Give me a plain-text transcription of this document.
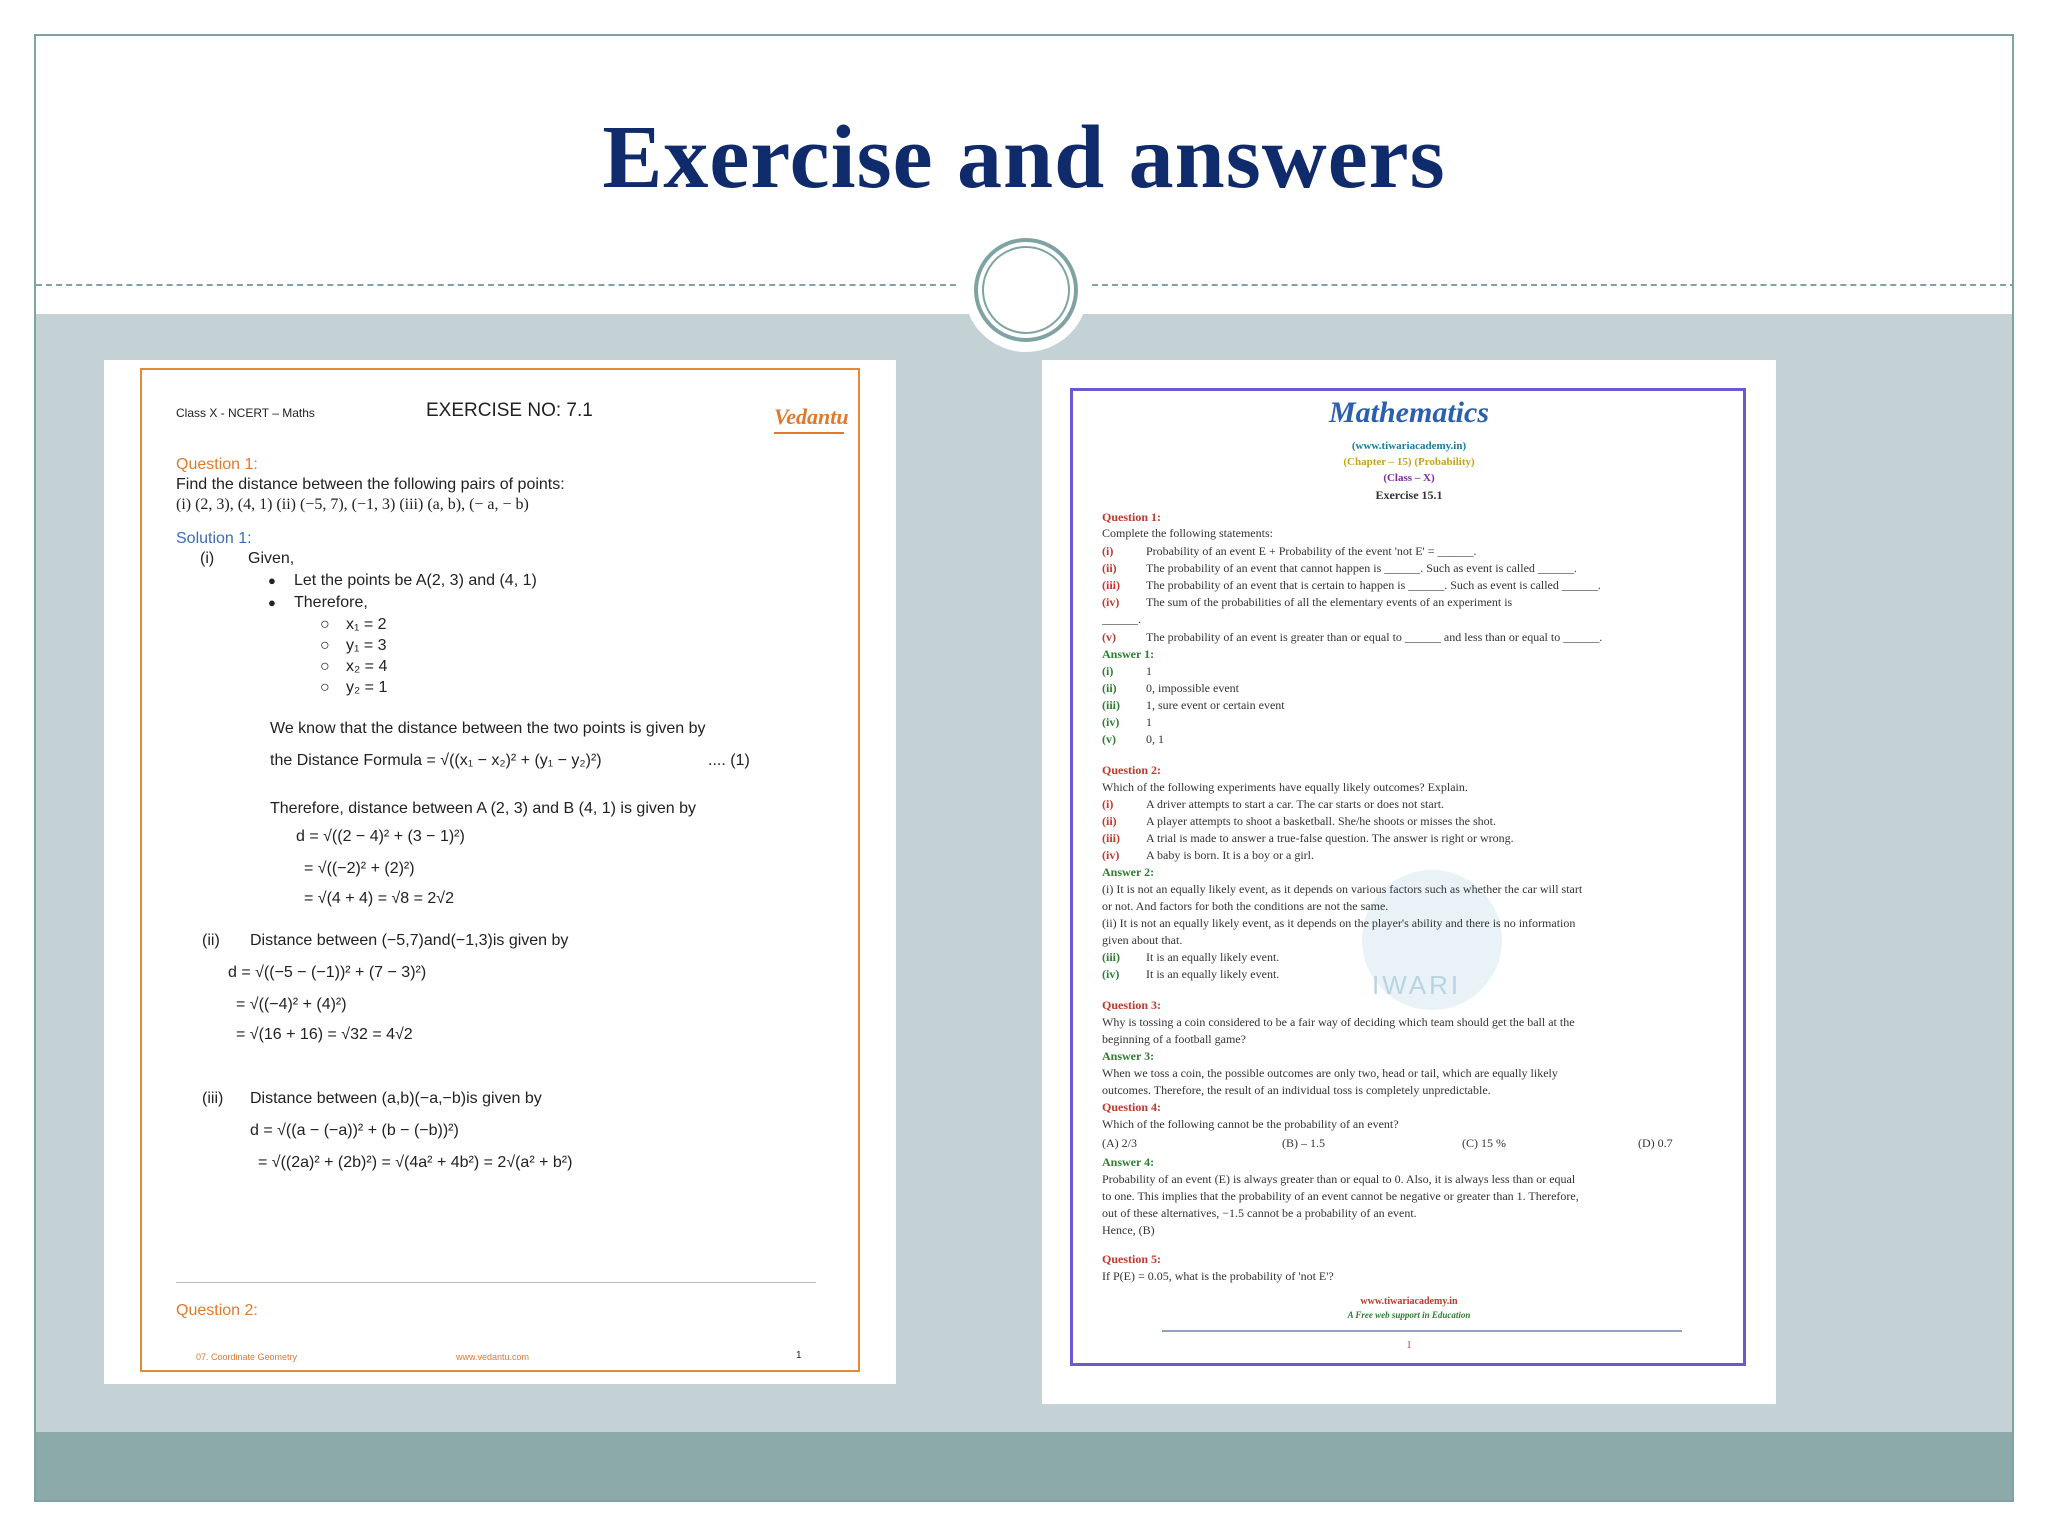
Exercise and answers
Class X - NCERT – Maths	EXERCISE NO: 7.1	Vedantu
Question 1:
Find the distance between the following pairs of points:
(i) (2, 3), (4, 1) (ii) (−5, 7), (−1, 3) (iii) (a, b), (− a, − b)
Solution 1:
(i) Given,
● Let the points be A(2, 3) and (4, 1)
● Therefore,
○ x₁ = 2
○ y₁ = 3
○ x₂ = 4
○ y₂ = 1
We know that the distance between the two points is given by
the Distance Formula = √((x₁ − x₂)² + (y₁ − y₂)²)	.... (1)
Therefore, distance between A (2, 3) and B (4, 1) is given by
d = √((2 − 4)² + (3 − 1)²)
= √((−2)² + (2)²)
= √(4 + 4) = √8 = 2√2
(ii) Distance between (−5,7)and(−1,3)is given by
d = √((−5 − (−1))² + (7 − 3)²)
= √((−4)² + (4)²)
= √(16 + 16) = √32 = 4√2
(iii) Distance between (a,b)(−a,−b)is given by
d = √((a − (−a))² + (b − (−b))²)
= √((2a)² + (2b)²) = √(4a² + 4b²) = 2√(a² + b²)
Question 2:
07. Coordinate Geometry	www.vedantu.com	1
IWARI
Mathematics
(www.tiwariacademy.in)
(Chapter – 15) (Probability)
(Class – X)
Exercise 15.1
Question 1:
Complete the following statements:
(i)	Probability of an event E + Probability of the event 'not E' = ______.
(ii) The probability of an event that cannot happen is ______. Such as event is called ______.
(iii) The probability of an event that is certain to happen is ______. Such as event is called ______.
(iv) The sum of the probabilities of all the elementary events of an experiment is
______.
(v)	The probability of an event is greater than or equal to ______ and less than or equal to ______.
Answer 1:
(i)	1
(ii) 0, impossible event
(iii) 1, sure event or certain event
(iv) 1
(v)	0, 1
Question 2:
Which of the following experiments have equally likely outcomes? Explain.
(i)	A driver attempts to start a car. The car starts or does not start.
(ii) A player attempts to shoot a basketball. She/he shoots or misses the shot.
(iii) A trial is made to answer a true-false question. The answer is right or wrong.
(iv) A baby is born. It is a boy or a girl.
Answer 2:
(i) It is not an equally likely event, as it depends on various factors such as whether the car will start
or not. And factors for both the conditions are not the same.
(ii) It is not an equally likely event, as it depends on the player's ability and there is no information
given about that.
(iii) It is an equally likely event.
(iv) It is an equally likely event.
Question 3:
Why is tossing a coin considered to be a fair way of deciding which team should get the ball at the
beginning of a football game?
Answer 3:
When we toss a coin, the possible outcomes are only two, head or tail, which are equally likely
outcomes. Therefore, the result of an individual toss is completely unpredictable.
Question 4:
Which of the following cannot be the probability of an event?
(A) 2/3	(B) – 1.5	(C) 15 %	(D) 0.7
Answer 4:
Probability of an event (E) is always greater than or equal to 0. Also, it is always less than or equal
to one. This implies that the probability of an event cannot be negative or greater than 1. Therefore,
out of these alternatives, −1.5 cannot be a probability of an event.
Hence, (B)
Question 5:
If P(E) = 0.05, what is the probability of 'not E'?
www.tiwariacademy.in
A Free web support in Education
1
